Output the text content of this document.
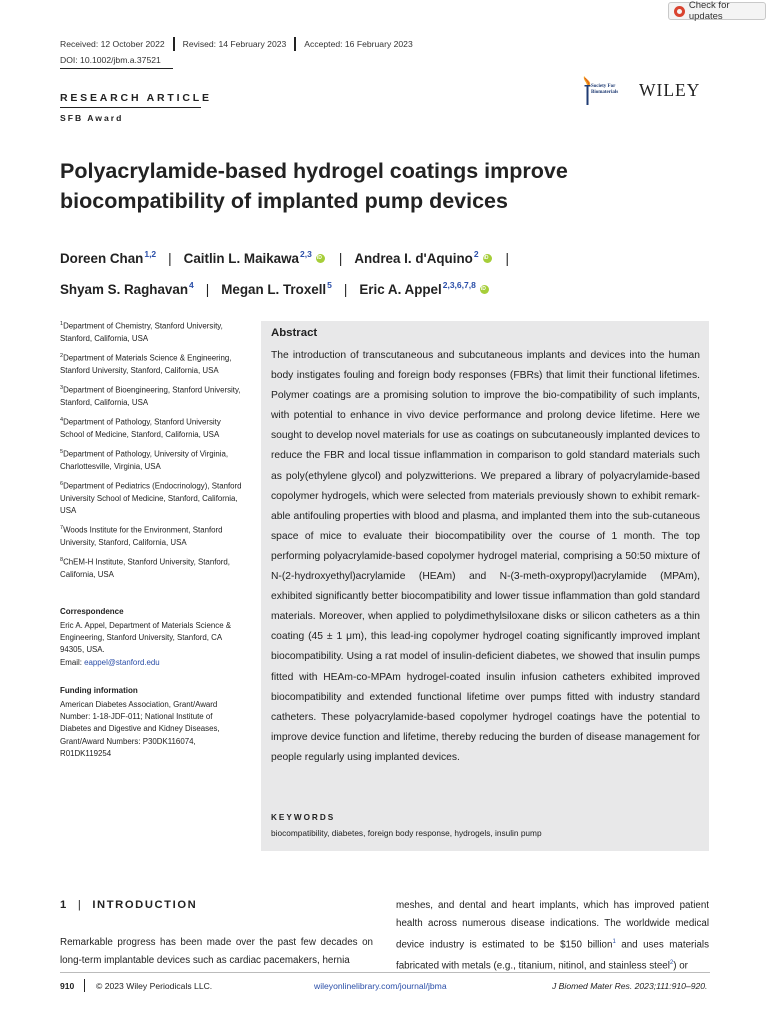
Check for updates
Received: 12 October 2022 Revised: 14 February 2023 Accepted: 16 February 2023
DOI: 10.1002/jbm.a.37521
RESEARCH ARTICLE
SFB Award
Society For Biomaterials	WILEY
Polyacrylamide-based hydrogel coatings improve biocompatibility of implanted pump devices
Doreen Chan$^{1,2}$ | Caitlin L. Maikawa$^{2,3}$ iD | Andrea I. d'Aquino$^2$ iD |
Shyam S. Raghavan$^4$ | Megan L. Troxell$^5$ | Eric A. Appel$^{2,3,6,7,8}$iD

$^1$Department of Chemistry, Stanford University, Stanford, California, USA

$^2$Department of Materials Science & Engineering, Stanford University, Stanford, California, USA

$^3$Department of Bioengineering, Stanford University, Stanford, California, USA

$^4$Department of Pathology, Stanford University School of Medicine, Stanford, California, USA

$^5$Department of Pathology, University of Virginia, Charlottesville, Virginia, USA

$^6$Department of Pediatrics (Endocrinology), Stanford University School of Medicine, Stanford, California, USA

$^7$Woods Institute for the Environment, Stanford University, Stanford, California, USA

$^8$ChEM-H Institute, Stanford University, Stanford, California, USA

Correspondence
Eric A. Appel, Department of Materials Science & Engineering, Stanford University, Stanford, CA 94305, USA.
Email: eappel@stanford.edu
Funding information
American Diabetes Association, Grant/Award Number: 1-18-JDF-011; National Institute of Diabetes and Digestive and Kidney Diseases, Grant/Award Numbers: P30DK116074, R01DK119254
Abstract
The introduction of transcutaneous and subcutaneous implants and devices into the human body instigates fouling and foreign body responses (FBRs) that limit their functional lifetimes. Polymer coatings are a promising solution to improve the bio-compatibility of such implants, with potential to enhance in vivo device performance and prolong device lifetime. Here we sought to develop novel materials for use as coatings on subcutaneously implanted devices to reduce the FBR and local tissue inflammation in comparison to gold standard materials such as poly(ethylene glycol) and polyzwitterions. We prepared a library of polyacrylamide-based copolymer hydrogels, which were selected from materials previously shown to exhibit remark-able antifouling properties with blood and plasma, and implanted them into the sub-cutaneous space of mice to evaluate their biocompatibility over the course of 1 month. The top performing polyacrylamide-based copolymer hydrogel material, comprising a 50:50 mixture of N-(2-hydroxyethyl)acrylamide (HEAm) and N-(3-meth-oxypropyl)acrylamide (MPAm), exhibited significantly better biocompatibility and lower tissue inflammation than gold standard materials. Moreover, when applied to polydimethylsiloxane disks or silicon catheters as a thin coating (45 ± 1 μm), this lead-ing copolymer hydrogel coating significantly improved implant biocompatibility. Using a rat model of insulin-deficient diabetes, we showed that insulin pumps fitted with HEAm-co-MPAm hydrogel-coated insulin infusion catheters exhibited improved biocompatibility and extended functional lifetime over pumps fitted with industry standard catheters. These polyacrylamide-based copolymer hydrogel coatings have the potential to improve device function and lifetime, thereby reducing the burden of disease management for people regularly using implanted devices.
KEYWORDS
biocompatibility, diabetes, foreign body response, hydrogels, insulin pump
1 | INTRODUCTION
Remarkable progress has been made over the past few decades on long-term implantable devices such as cardiac pacemakers, hernia
meshes, and dental and heart implants, which has improved patient health across numerous disease indications. The worldwide medical device industry is estimated to be $150 billion$^1$ and uses materials fabricated with metals (e.g., titanium, nitinol, and stainless steel$^2$) or
910	© 2023 Wiley Periodicals LLC.	wileyonlinelibrary.com/journal/jbma	J Biomed Mater Res. 2023;111:910–920.
